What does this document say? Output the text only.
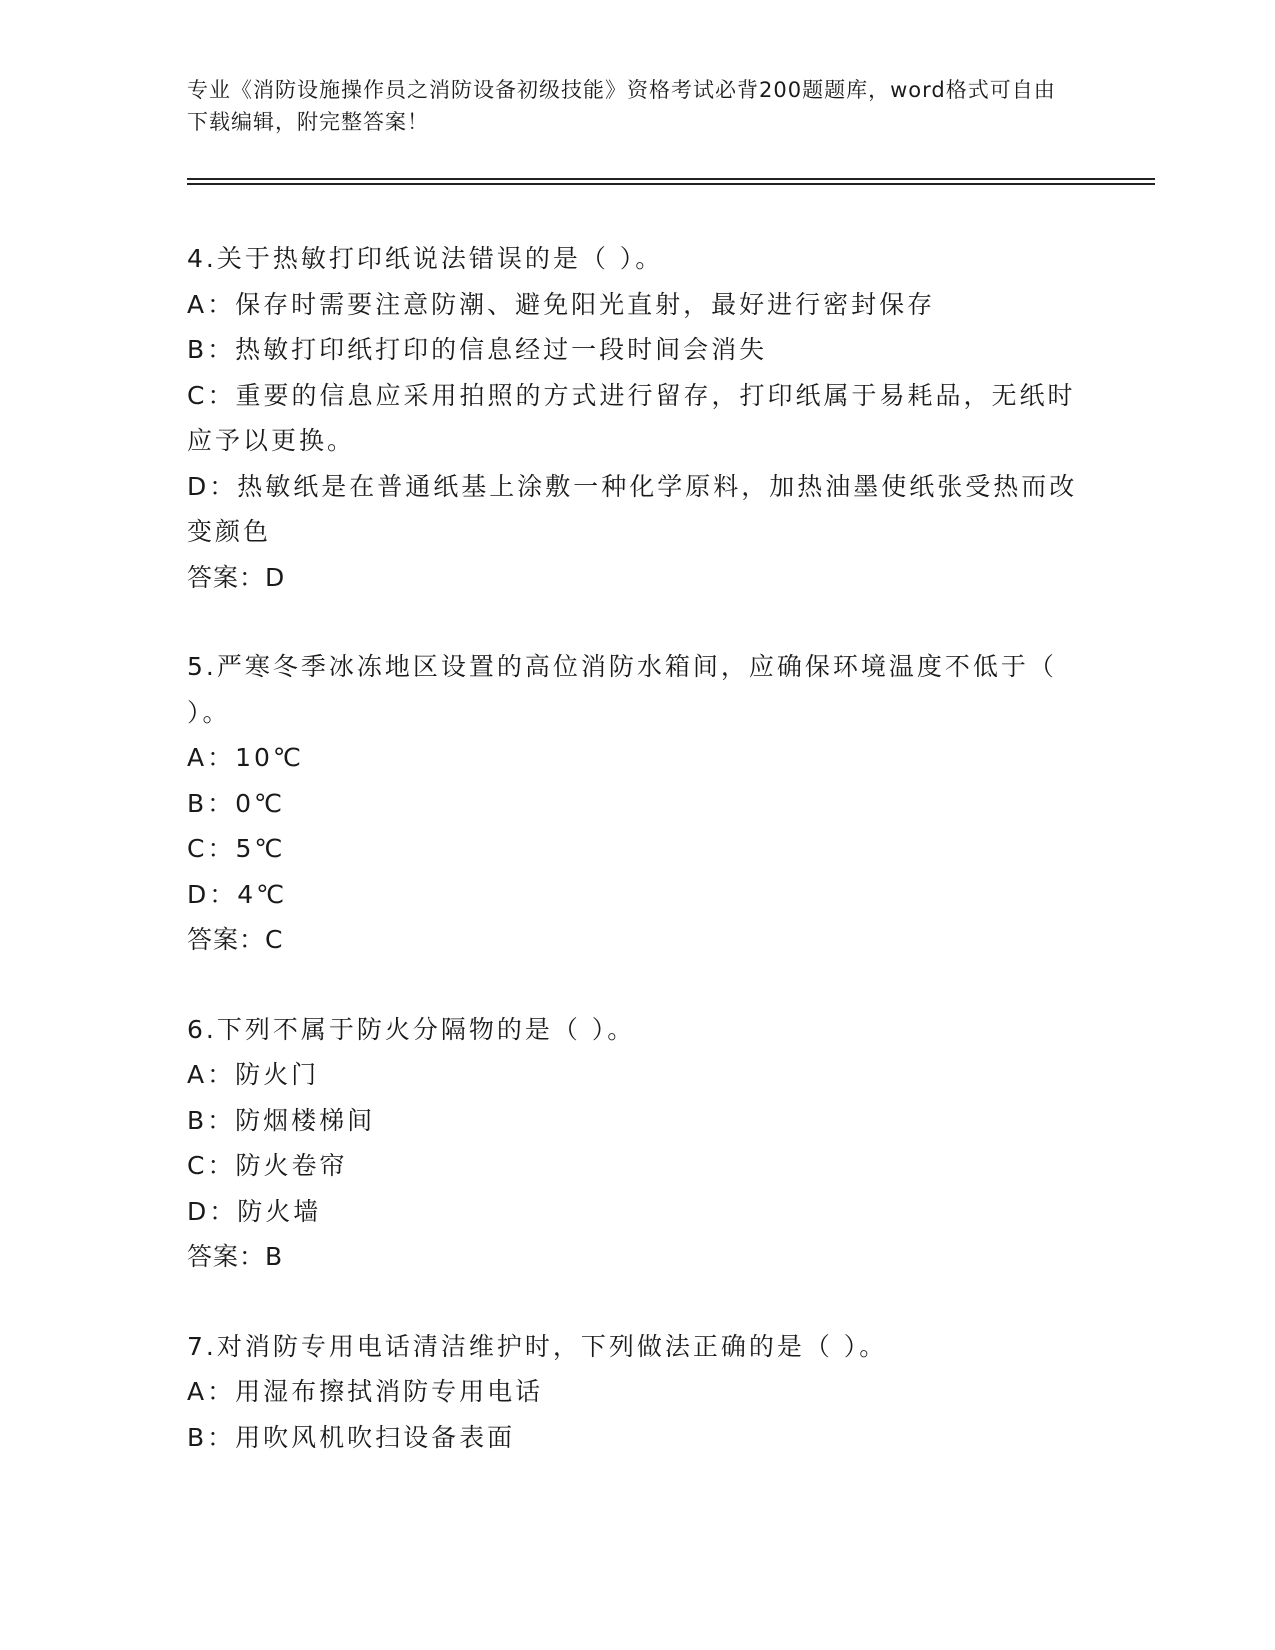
专业《消防设施操作员之消防设备初级技能》资格考试必背200题题库，word格式可自由下载编辑，附完整答案！

4.关于热敏打印纸说法错误的是（ ）。

A：保存时需要注意防潮、避免阳光直射，最好进行密封保存

B：热敏打印纸打印的信息经过一段时间会消失

C：重要的信息应采用拍照的方式进行留存，打印纸属于易耗品，无纸时应予以更换。

D：热敏纸是在普通纸基上涂敷一种化学原料，加热油墨使纸张受热而改变颜色

答案：D

5.严寒冬季冰冻地区设置的高位消防水箱间，应确保环境温度不低于（ ）。

A：10℃

B：0℃

C：5℃

D：4℃

答案：C

6.下列不属于防火分隔物的是（ ）。

A：防火门

B：防烟楼梯间

C：防火卷帘

D：防火墙

答案：B

7.对消防专用电话清洁维护时，下列做法正确的是（ ）。

A：用湿布擦拭消防专用电话

B：用吹风机吹扫设备表面
